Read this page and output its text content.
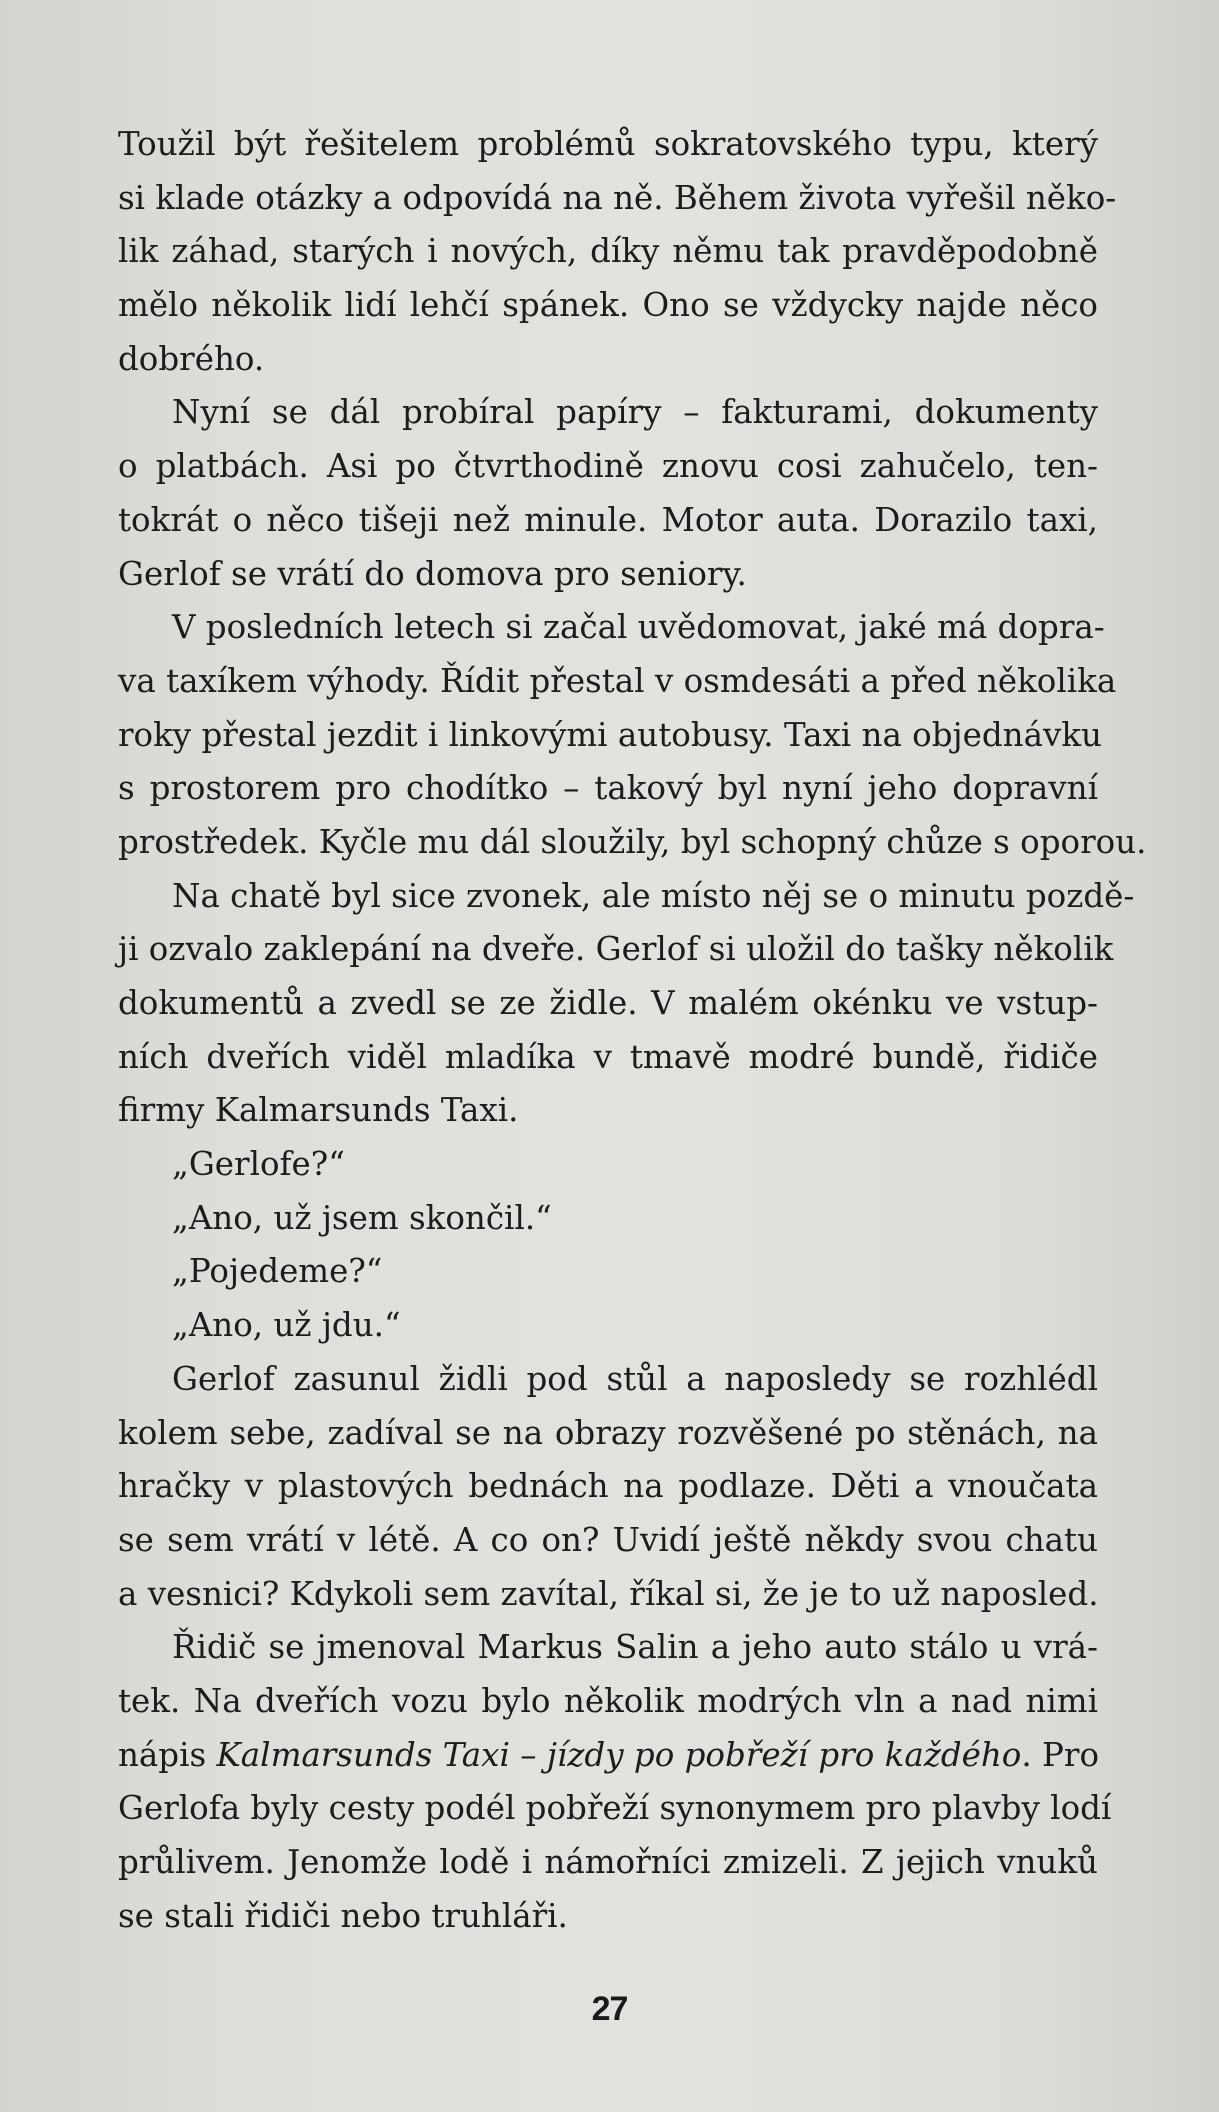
Toužil být řešitelem problémů sokratovského typu, který
si klade otázky a odpovídá na ně. Během života vyřešil něko-
lik záhad, starých i nových, díky němu tak pravděpodobně
mělo několik lidí lehčí spánek. Ono se vždycky najde něco
dobrého.
Nyní se dál probíral papíry – fakturami, dokumenty
o platbách. Asi po čtvrthodině znovu cosi zahučelo, ten-
tokrát o něco tišeji než minule. Motor auta. Dorazilo taxi,
Gerlof se vrátí do domova pro seniory.
V posledních letech si začal uvědomovat, jaké má dopra-
va taxíkem výhody. Řídit přestal v osmdesáti a před několika
roky přestal jezdit i linkovými autobusy. Taxi na objednávku
s prostorem pro chodítko – takový byl nyní jeho dopravní
prostředek. Kyčle mu dál sloužily, byl schopný chůze s oporou.
Na chatě byl sice zvonek, ale místo něj se o minutu pozdě-
ji ozvalo zaklepání na dveře. Gerlof si uložil do tašky několik
dokumentů a zvedl se ze židle. V malém okénku ve vstup-
ních dveřích viděl mladíka v tmavě modré bundě, řidiče
firmy Kalmarsunds Taxi.
„Gerlofe?“
„Ano, už jsem skončil.“
„Pojedeme?“
„Ano, už jdu.“
Gerlof zasunul židli pod stůl a naposledy se rozhlédl
kolem sebe, zadíval se na obrazy rozvěšené po stěnách, na
hračky v plastových bednách na podlaze. Děti a vnoučata
se sem vrátí v létě. A co on? Uvidí ještě někdy svou chatu
a vesnici? Kdykoli sem zavítal, říkal si, že je to už naposled.
Řidič se jmenoval Markus Salin a jeho auto stálo u vrá-
tek. Na dveřích vozu bylo několik modrých vln a nad nimi
nápis Kalmarsunds Taxi – jízdy po pobřeží pro každého. Pro
Gerlofa byly cesty podél pobřeží synonymem pro plavby lodí
průlivem. Jenomže lodě i námořníci zmizeli. Z jejich vnuků
se stali řidiči nebo truhláři.
27
